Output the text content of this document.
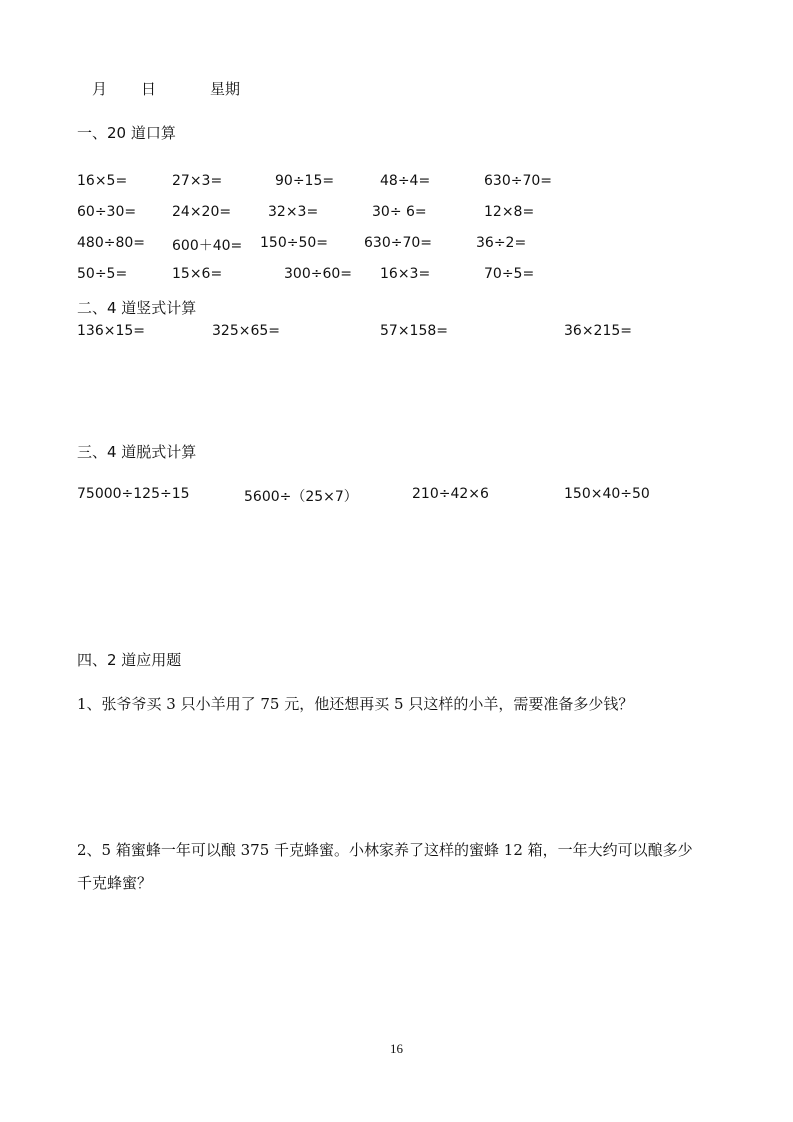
月 日	星期
一、20 道口算
16×5=	27×3=	90÷15=	48÷4=	630÷70=
60÷30=	24×20=	32×3=	30÷ 6=	12×8=
480÷80= 600＋40= 150÷50=	630÷70=	36÷2=
50÷5=	15×6=	300÷60= 16×3=	70÷5=
二、4 道竖式计算
136×15=	325×65=	57×158=	36×215=
三、4 道脱式计算
75000÷125÷15	5600÷（25×7）	210÷42×6	150×40÷50
四、2 道应用题
1、张爷爷买 3 只小羊用了 75 元，他还想再买 5 只这样的小羊，需要准备多少钱？
2、5 箱蜜蜂一年可以酿 375 千克蜂蜜。小林家养了这样的蜜蜂 12 箱，一年大约可以酿多少
千克蜂蜜？
16
